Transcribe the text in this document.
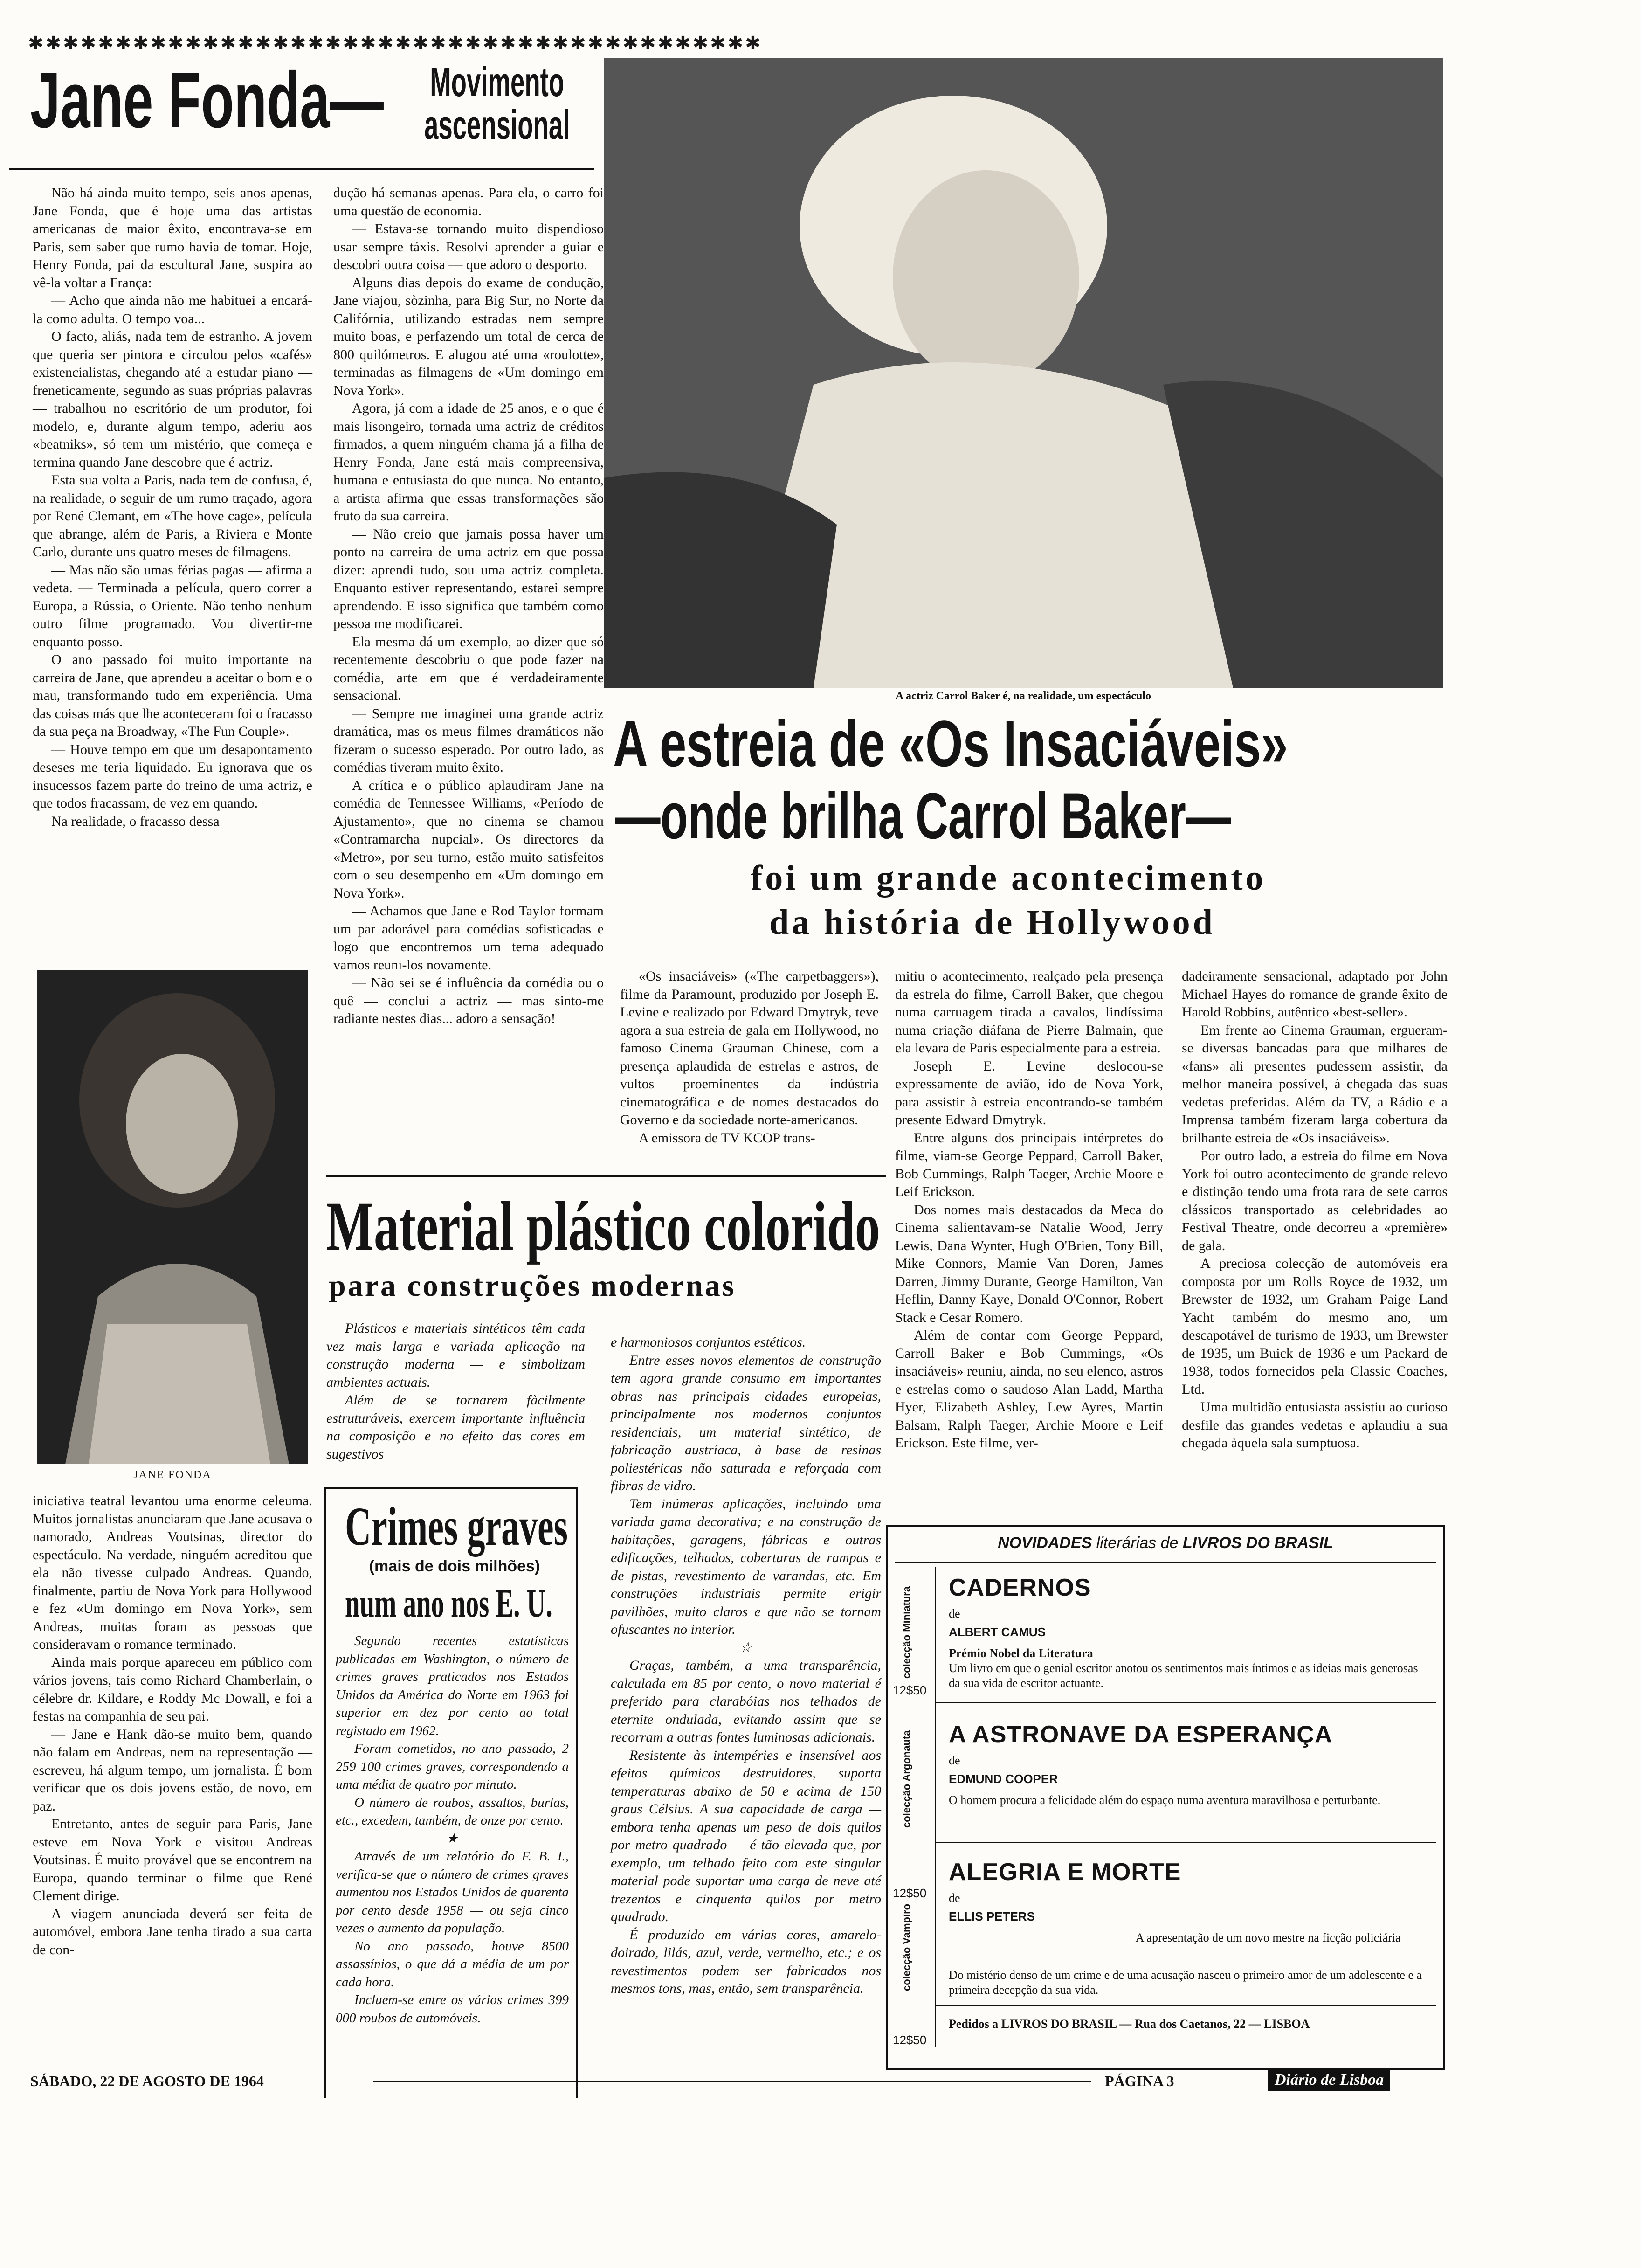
✱✱✱✱✱✱✱✱✱✱✱✱✱✱✱✱✱✱✱✱✱✱✱✱✱✱✱✱✱✱✱✱✱✱✱✱✱✱✱✱✱✱
Jane Fonda— Movimento
ascensional

Não há ainda muito tempo, seis anos apenas, Jane Fonda, que é hoje uma das artistas americanas de maior êxito, encontrava-se em Paris, sem saber que rumo havia de tomar. Hoje, Henry Fonda, pai da escultural Jane, suspira ao vê-la voltar a França:

— Acho que ainda não me habituei a encará-la como adulta. O tempo voa...

O facto, aliás, nada tem de estranho. A jovem que queria ser pintora e circulou pelos «cafés» existencialistas, chegando até a estudar piano — freneticamente, segundo as suas próprias palavras — trabalhou no escritório de um produtor, foi modelo, e, durante algum tempo, aderiu aos «beatniks», só tem um mistério, que começa e termina quando Jane descobre que é actriz.

Esta sua volta a Paris, nada tem de confusa, é, na realidade, o seguir de um rumo traçado, agora por René Clemant, em «The hove cage», película que abrange, além de Paris, a Riviera e Monte Carlo, durante uns quatro meses de filmagens.

— Mas não são umas férias pagas — afirma a vedeta. — Terminada a película, quero correr a Europa, a Rússia, o Oriente. Não tenho nenhum outro filme programado. Vou divertir-me enquanto posso.

O ano passado foi muito importante na carreira de Jane, que aprendeu a aceitar o bom e o mau, transformando tudo em experiência. Uma das coisas más que lhe aconteceram foi o fracasso da sua peça na Broadway, «The Fun Couple».

— Houve tempo em que um desapontamento deseses me teria liquidado. Eu ignorava que os insucessos fazem parte do treino de uma actriz, e que todos fracassam, de vez em quando.

Na realidade, o fracasso dessa

dução há semanas apenas. Para ela, o carro foi uma questão de economia.

— Estava-se tornando muito dispendioso usar sempre táxis. Resolvi aprender a guiar e descobri outra coisa — que adoro o desporto.

Alguns dias depois do exame de condução, Jane viajou, sòzinha, para Big Sur, no Norte da Califórnia, utilizando estradas nem sempre muito boas, e perfazendo um total de cerca de 800 quilómetros. E alugou até uma «roulotte», terminadas as filmagens de «Um domingo em Nova York».

Agora, já com a idade de 25 anos, e o que é mais lisongeiro, tornada uma actriz de créditos firmados, a quem ninguém chama já a filha de Henry Fonda, Jane está mais compreensiva, humana e entusiasta do que nunca. No entanto, a artista afirma que essas transformações são fruto da sua carreira.

— Não creio que jamais possa haver um ponto na carreira de uma actriz em que possa dizer: aprendi tudo, sou uma actriz completa. Enquanto estiver representando, estarei sempre aprendendo. E isso significa que também como pessoa me modificarei.

Ela mesma dá um exemplo, ao dizer que só recentemente descobriu o que pode fazer na comédia, arte em que é verdadeiramente sensacional.

— Sempre me imaginei uma grande actriz dramática, mas os meus filmes dramáticos não fizeram o sucesso esperado. Por outro lado, as comédias tiveram muito êxito.

A crítica e o público aplaudiram Jane na comédia de Tennessee Williams, «Período de Ajustamento», que no cinema se chamou «Contramarcha nupcial». Os directores da «Metro», por seu turno, estão muito satisfeitos com o seu desempenho em «Um domingo em Nova York».

— Achamos que Jane e Rod Taylor formam um par adorável para comédias sofisticadas e logo que encontremos um tema adequado vamos reuni-los novamente.

— Não sei se é influência da comédia ou o quê — conclui a actriz — mas sinto-me radiante nestes dias... adoro a sensação!

JANE FONDA

iniciativa teatral levantou uma enorme celeuma. Muitos jornalistas anunciaram que Jane acusava o namorado, Andreas Voutsinas, director do espectáculo. Na verdade, ninguém acreditou que ela não tivesse culpado Andreas. Quando, finalmente, partiu de Nova York para Hollywood e fez «Um domingo em Nova York», sem Andreas, muitas foram as pessoas que consideravam o romance terminado.

Ainda mais porque apareceu em público com vários jovens, tais como Richard Chamberlain, o célebre dr. Kildare, e Roddy Mc Dowall, e foi a festas na companhia de seu pai.

— Jane e Hank dão-se muito bem, quando não falam em Andreas, nem na representação — escreveu, há algum tempo, um jornalista. É bom verificar que os dois jovens estão, de novo, em paz.

Entretanto, antes de seguir para Paris, Jane esteve em Nova York e visitou Andreas Voutsinas. É muito provável que se encontrem na Europa, quando terminar o filme que René Clement dirige.

A viagem anunciada deverá ser feita de automóvel, embora Jane tenha tirado a sua carta de con-

A actriz Carrol Baker é, na realidade, um espectáculo
A estreia de «Os Insaciáveis»
—onde brilha Carrol Baker—
foi um grande acontecimento
da história de Hollywood

«Os insaciáveis» («The carpetbaggers»), filme da Paramount, produzido por Joseph E. Levine e realizado por Edward Dmytryk, teve agora a sua estreia de gala em Hollywood, no famoso Cinema Grauman Chinese, com a presença aplaudida de estrelas e astros, de vultos proeminentes da indústria cinematográfica e de nomes destacados do Governo e da sociedade norte-americanos.

A emissora de TV KCOP trans-

mitiu o acontecimento, realçado pela presença da estrela do filme, Carroll Baker, que chegou numa carruagem tirada a cavalos, lindíssima numa criação diáfana de Pierre Balmain, que ela levara de Paris especialmente para a estreia.

Joseph E. Levine deslocou-se expressamente de avião, ido de Nova York, para assistir à estreia encontrando-se também presente Edward Dmytryk.

Entre alguns dos principais intérpretes do filme, viam-se George Peppard, Carroll Baker, Bob Cummings, Ralph Taeger, Archie Moore e Leif Erickson.

Dos nomes mais destacados da Meca do Cinema salientavam-se Natalie Wood, Jerry Lewis, Dana Wynter, Hugh O'Brien, Tony Bill, Mike Connors, Mamie Van Doren, James Darren, Jimmy Durante, George Hamilton, Van Heflin, Danny Kaye, Donald O'Connor, Robert Stack e Cesar Romero.

Além de contar com George Peppard, Carroll Baker e Bob Cummings, «Os insaciáveis» reuniu, ainda, no seu elenco, astros e estrelas como o saudoso Alan Ladd, Martha Hyer, Elizabeth Ashley, Lew Ayres, Martin Balsam, Ralph Taeger, Archie Moore e Leif Erickson. Este filme, ver-

dadeiramente sensacional, adaptado por John Michael Hayes do romance de grande êxito de Harold Robbins, autêntico «best-seller».

Em frente ao Cinema Grauman, ergueram-se diversas bancadas para que milhares de «fans» ali presentes pudessem assistir, da melhor maneira possível, à chegada das suas vedetas preferidas. Além da TV, a Rádio e a Imprensa também fizeram larga cobertura da brilhante estreia de «Os insaciáveis».

Por outro lado, a estreia do filme em Nova York foi outro acontecimento de grande relevo e distinção tendo uma frota rara de sete carros clássicos transportado as celebridades ao Festival Theatre, onde decorreu a «première» de gala.

A preciosa colecção de automóveis era composta por um Rolls Royce de 1932, um Brewster de 1932, um Graham Paige Land Yacht também do mesmo ano, um descapotável de turismo de 1933, um Brewster de 1935, um Buick de 1936 e um Packard de 1938, todos fornecidos pela Classic Coaches, Ltd.

Uma multidão entusiasta assistiu ao curioso desfile das grandes vedetas e aplaudiu a sua chegada àquela sala sumptuosa.

Material plástico colorido
para construções modernas

Plásticos e materiais sintéticos têm cada vez mais larga e variada aplicação na construção moderna — e simbolizam ambientes actuais.

Além de se tornarem fàcilmente estruturáveis, exercem importante influência na composição e no efeito das cores em sugestivos

e harmoniosos conjuntos estéticos.

Entre esses novos elementos de construção tem agora grande consumo em importantes obras nas principais cidades europeias, principalmente nos modernos conjuntos residenciais, um material sintético, de fabricação austríaca, à base de resinas poliestéricas não saturada e reforçada com fibras de vidro.

Tem inúmeras aplicações, incluindo uma variada gama decorativa; e na construção de habitações, garagens, fábricas e outras edificações, telhados, coberturas de rampas e de pistas, revestimento de varandas, etc. Em construções industriais permite erigir pavilhões, muito claros e que não se tornam ofuscantes no interior.

☆

Graças, também, a uma transparência, calculada em 85 por cento, o novo material é preferido para clarabóias nos telhados de eternite ondulada, evitando assim que se recorram a outras fontes luminosas adicionais.

Resistente às intempéries e insensível aos efeitos químicos destruidores, suporta temperaturas abaixo de 50 e acima de 150 graus Célsius. A sua capacidade de carga — embora tenha apenas um peso de dois quilos por metro quadrado — é tão elevada que, por exemplo, um telhado feito com este singular material pode suportar uma carga de neve até trezentos e cinquenta quilos por metro quadrado.

É produzido em várias cores, amarelo-doirado, lilás, azul, verde, vermelho, etc.; e os revestimentos podem ser fabricados nos mesmos tons, mas, então, sem transparência.

Crimes graves
(mais de dois milhões)
num ano nos E. U.

Segundo recentes estatísticas publicadas em Washington, o número de crimes graves praticados nos Estados Unidos da América do Norte em 1963 foi superior em dez por cento ao total registado em 1962.

Foram cometidos, no ano passado, 2 259 100 crimes graves, correspondendo a uma média de quatro por minuto.

O número de roubos, assaltos, burlas, etc., excedem, também, de onze por cento.

★

Através de um relatório do F. B. I., verifica-se que o número de crimes graves aumentou nos Estados Unidos de quarenta por cento desde 1958 — ou seja cinco vezes o aumento da população.

No ano passado, houve 8500 assassínios, o que dá a média de um por cada hora.

Incluem-se entre os vários crimes 399 000 roubos de automóveis.

NOVIDADES literárias de LIVROS DO BRASIL
colecção Miniatura
colecção Argonauta
colecção Vampiro
12$50
12$50
12$50
CADERNOS
de
ALBERT CAMUS
Prémio Nobel da Literatura
Um livro em que o genial escritor anotou os sentimentos mais íntimos e as ideias mais generosas da sua vida de escritor actuante.
A ASTRONAVE DA ESPERANÇA
de
EDMUND COOPER
O homem procura a felicidade além do espaço numa aventura maravilhosa e perturbante.
ALEGRIA E MORTE
de
ELLIS PETERS
A apresentação de um novo mestre na ficção policiária
Do mistério denso de um crime e de uma acusação nasceu o primeiro amor de um adolescente e a primeira decepção da sua vida.
Pedidos a LIVROS DO BRASIL — Rua dos Caetanos, 22 — LISBOA
SÁBADO, 22 DE AGOSTO DE 1964	PÁGINA 3	Diário de Lisboa
